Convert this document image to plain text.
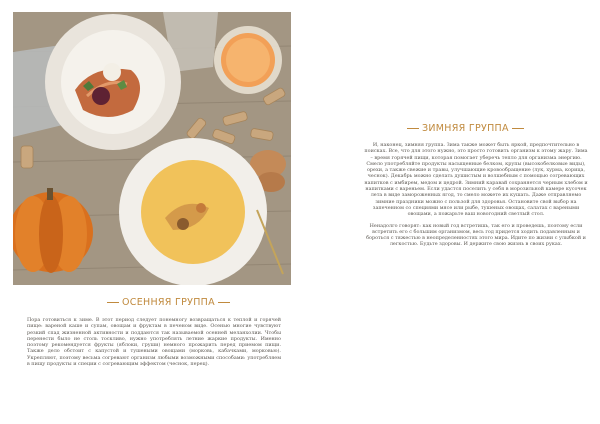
ОСЕННЯЯ ГРУППА

Пора готовиться к зиме. В этот период следует понемногу возвращаться к теплой и горячей пище: вареной каше и супам, овощам и фруктам в печеном виде. Осенью многие чувствуют резкий спад жизненной активности и поддаются так называемой осенней меланхолии. Чтобы перенести было не столь тоскливо, нужно употреблять летние жаркие продукты. Именно поэтому рекомендуется фрукты (яблоки, груши) немного прожарить перед приемом пищи. Также дело обстоит с капустой и тушеными овощами (морковь, кабачками, морковью). Укрепляют, поэтому весьма согревают организм любыми возможными способами: употребляем в пищу продукты и специи с согревающим эффектом (чеснок, перец).

ЗИМНЯЯ ГРУППА

И, наконец, зимняя группа. Зима также может быть яркой, предпочтительно в поисках. Все, что для этого нужно, это просто готовить организм к этому жару. Зима – время горячей пищи, которая помогает уберечь тепло для организма энергию. Смело употребляйте продукты насыщенные белком, крупы (высокобелковые виды), орехи, а также свежие и травы, улучшающие кровообращение (лук, хурма, корица, чеснок). Декабрь можно сделать душистым и волшебным с помощью согревающих напитков с имбирем, медом и цедрой. Зимний каравай сохраняется черным хлебом и напитками с вареньем. Если удастся поселить у себя в морозильной камере кусочек лета в виде замороженных ягод, то смело можете их кушать. Даже отправляемо зимние праздники можно с пользой для здоровья. Остановите свой выбор на запеченном со специями мясе или рыбе, тушеных овощах, салатах с вареными овощами, а пожарьте ваш новогодний светлый стол.

Ненадолго говорят: как новый год встретишь, так его и проведешь, поэтому если встретить его с большим организмом, весь год придется ходить подавленным и бороться с тяжестью в неопределенностях этого мира. Идите по жизни с улыбкой и легкостью. Будьте здоровы. И держите свою жизнь в своих руках.
